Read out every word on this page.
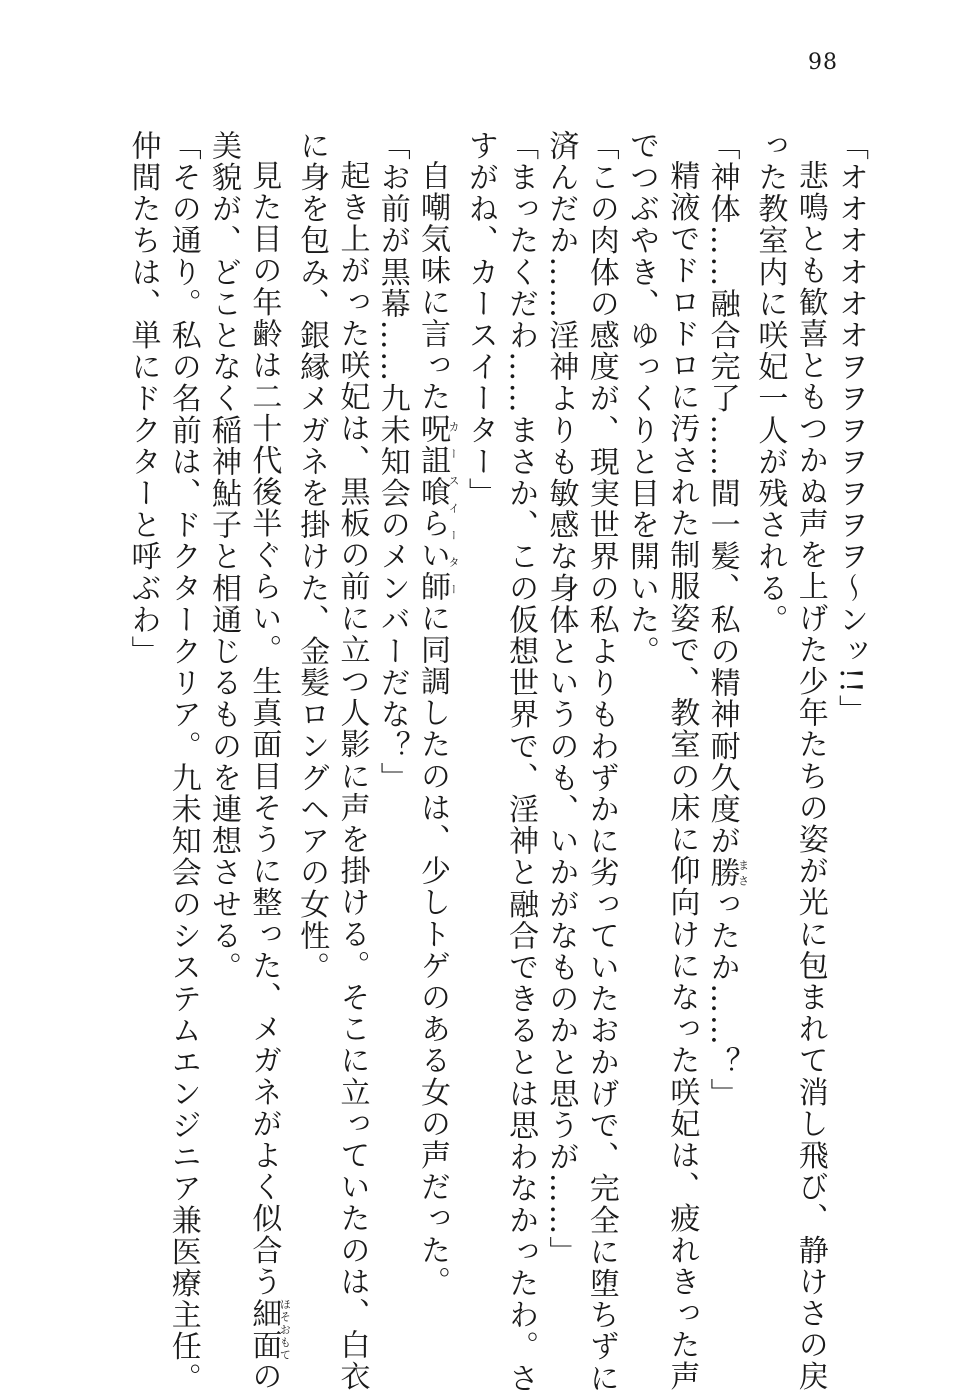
98
「オオオオオオヲヲヲヲヲヲヲ～ンッ!!」
悲鳴とも歓喜ともつかぬ声を上げた少年たちの姿が光に包まれて消し飛び、静けさの戻
った教室内に咲妃一人が残される。
「神体……融合完了……間一髪、私の精神耐久度が勝まさったか……？」
精液でドロドロに汚された制服姿で、教室の床に仰向けになった咲妃は、疲れきった声
でつぶやき、ゆっくりと目を開いた。
「この肉体の感度が、現実世界の私よりもわずかに劣っていたおかげで、完全に堕ちずに
済んだか……淫神よりも敏感な身体というのも、いかがなものかと思うが……」
「まったくだわ……まさか、この仮想世界で、淫神と融合できるとは思わなかったわ。さ
すがね、カースイーター」
自嘲気味に言った呪詛喰らい師カースイーターに同調したのは、少しトゲのある女の声だった。
「お前が黒幕……九未知会のメンバーだな？」
起き上がった咲妃は、黒板の前に立つ人影に声を掛ける。そこに立っていたのは、白衣
に身を包み、銀縁メガネを掛けた、金髪ロングヘアの女性。
見た目の年齢は二十代後半ぐらい。生真面目そうに整った、メガネがよく似合う細面ほそおもての
美貌が、どことなく稲神鮎子と相通じるものを連想させる。
「その通り。私の名前は、ドクタークリア。九未知会のシステムエンジニア兼医療主任。
仲間たちは、単にドクターと呼ぶわ」
